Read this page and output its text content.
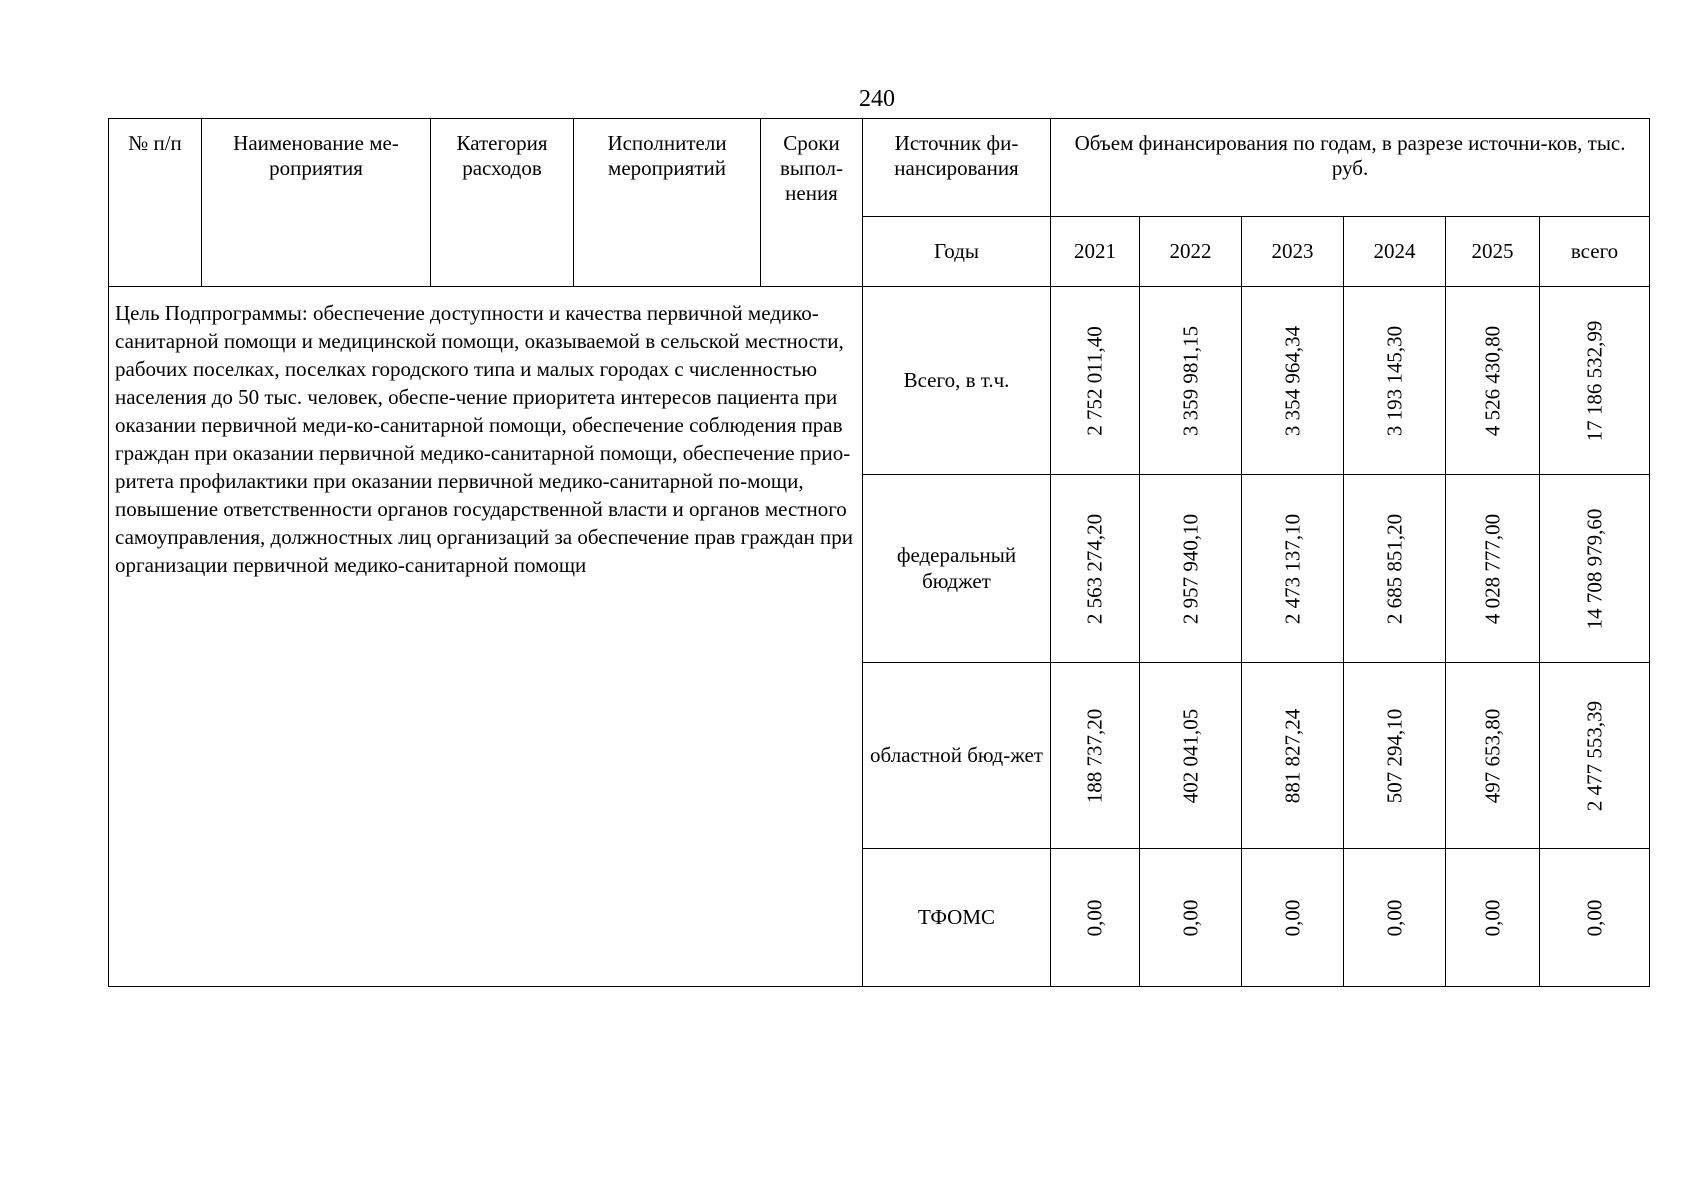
240
№ п/п	Наименование ме-роприятия	Категория расходов	Исполнители мероприятий	Сроки выпол-нения	Источник фи-нансирования	Объем финансирования по годам, в разрезе источни-ков, тыс. руб.					
					Годы	2021	2022	2023	2024	2025	всего
Цель Подпрограммы: обеспечение доступности и качества первичной медико-санитарной помощи и медицинской помощи, оказываемой в сельской местности, рабочих поселках, поселках городского типа и малых городах с численностью населения до 50 тыс. человек, обеспе-чение приоритета интересов пациента при оказании первичной меди-ко-санитарной помощи, обеспечение соблюдения прав граждан при оказании первичной медико-санитарной помощи, обеспечение прио-ритета профилактики при оказании первичной медико-санитарной по-мощи, повышение ответственности органов государственной власти и органов местного самоуправления, должностных лиц организаций за обеспечение прав граждан при организации первичной медико-санитарной помощи					Всего, в т.ч.	2 752 011,40	3 359 981,15	3 354 964,34	3 193 145,30	4 526 430,80	17 186 532,99

					федеральный бюджет	2 563 274,20	2 957 940,10	2 473 137,10	2 685 851,20	4 028 777,00	14 708 979,60

					областной бюд-жет	188 737,20	402 041,05	881 827,24	507 294,10	497 653,80	2 477 553,39

					ТФОМС	0,00	0,00	0,00	0,00	0,00	0,00
